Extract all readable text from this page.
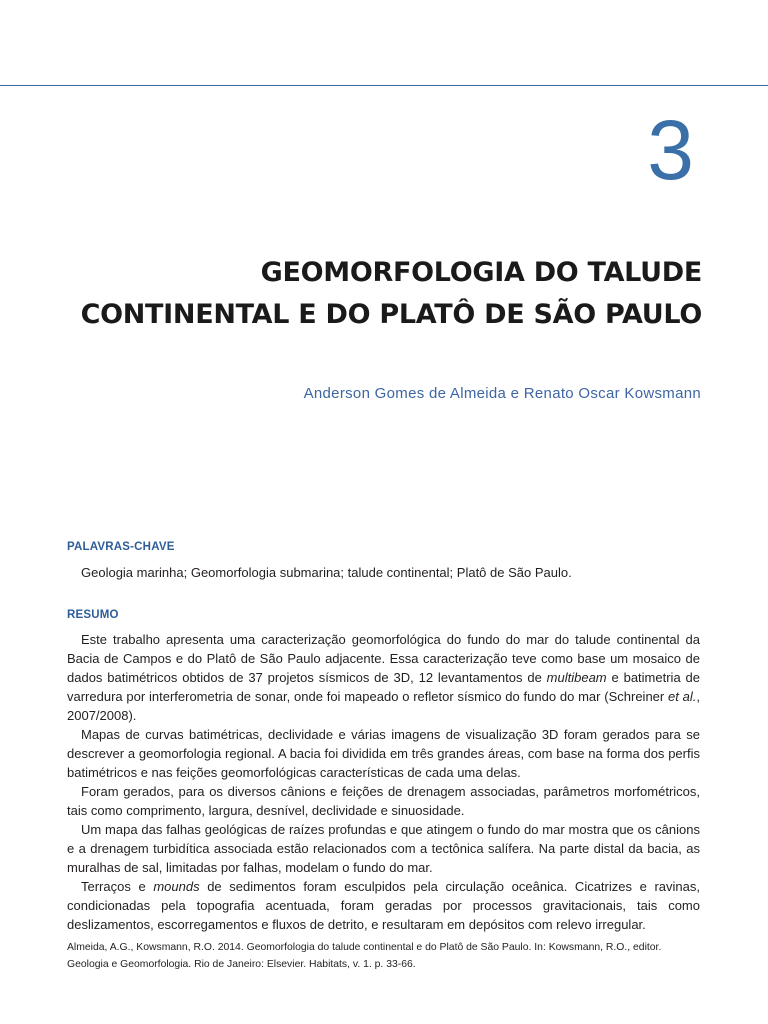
3
GEOMORFOLOGIA DO TALUDE
CONTINENTAL E DO PLATÔ DE SÃO PAULO
Anderson Gomes de Almeida e Renato Oscar Kowsmann
PALAVRAS-CHAVE
Geologia marinha; Geomorfologia submarina; talude continental; Platô de São Paulo.
RESUMO

Este trabalho apresenta uma caracterização geomorfológica do fundo do mar do talude continental da Bacia de Campos e do Platô de São Paulo adjacente. Essa caracterização teve como base um mosaico de dados batimétricos obtidos de 37 projetos sísmicos de 3D, 12 levantamentos de multibeam e batimetria de varredura por interferometria de sonar, onde foi mapeado o refletor sísmico do fundo do mar (Schreiner et al., 2007/2008).

Mapas de curvas batimétricas, declividade e várias imagens de visualização 3D foram gerados para se descrever a geomorfologia regional. A bacia foi dividida em três grandes áreas, com base na forma dos perfis batimétricos e nas feições geomorfológicas características de cada uma delas.

Foram gerados, para os diversos cânions e feições de drenagem associadas, parâmetros morfométricos, tais como comprimento, largura, desnível, declividade e sinuosidade.

Um mapa das falhas geológicas de raízes profundas e que atingem o fundo do mar mostra que os cânions e a drenagem turbidítica associada estão relacionados com a tectônica salífera. Na parte distal da bacia, as muralhas de sal, limitadas por falhas, modelam o fundo do mar.

Terraços e mounds de sedimentos foram esculpidos pela circulação oceânica. Cicatrizes e ravinas, condicionadas pela topografia acentuada, foram geradas por processos gravitacionais, tais como deslizamentos, escorregamentos e fluxos de detrito, e resultaram em depósitos com relevo irregular.

Almeida, A.G., Kowsmann, R.O. 2014. Geomorfologia do talude continental e do Platô de São Paulo. In: Kowsmann, R.O., editor.
Geologia e Geomorfologia. Rio de Janeiro: Elsevier. Habitats, v. 1. p. 33-66.
